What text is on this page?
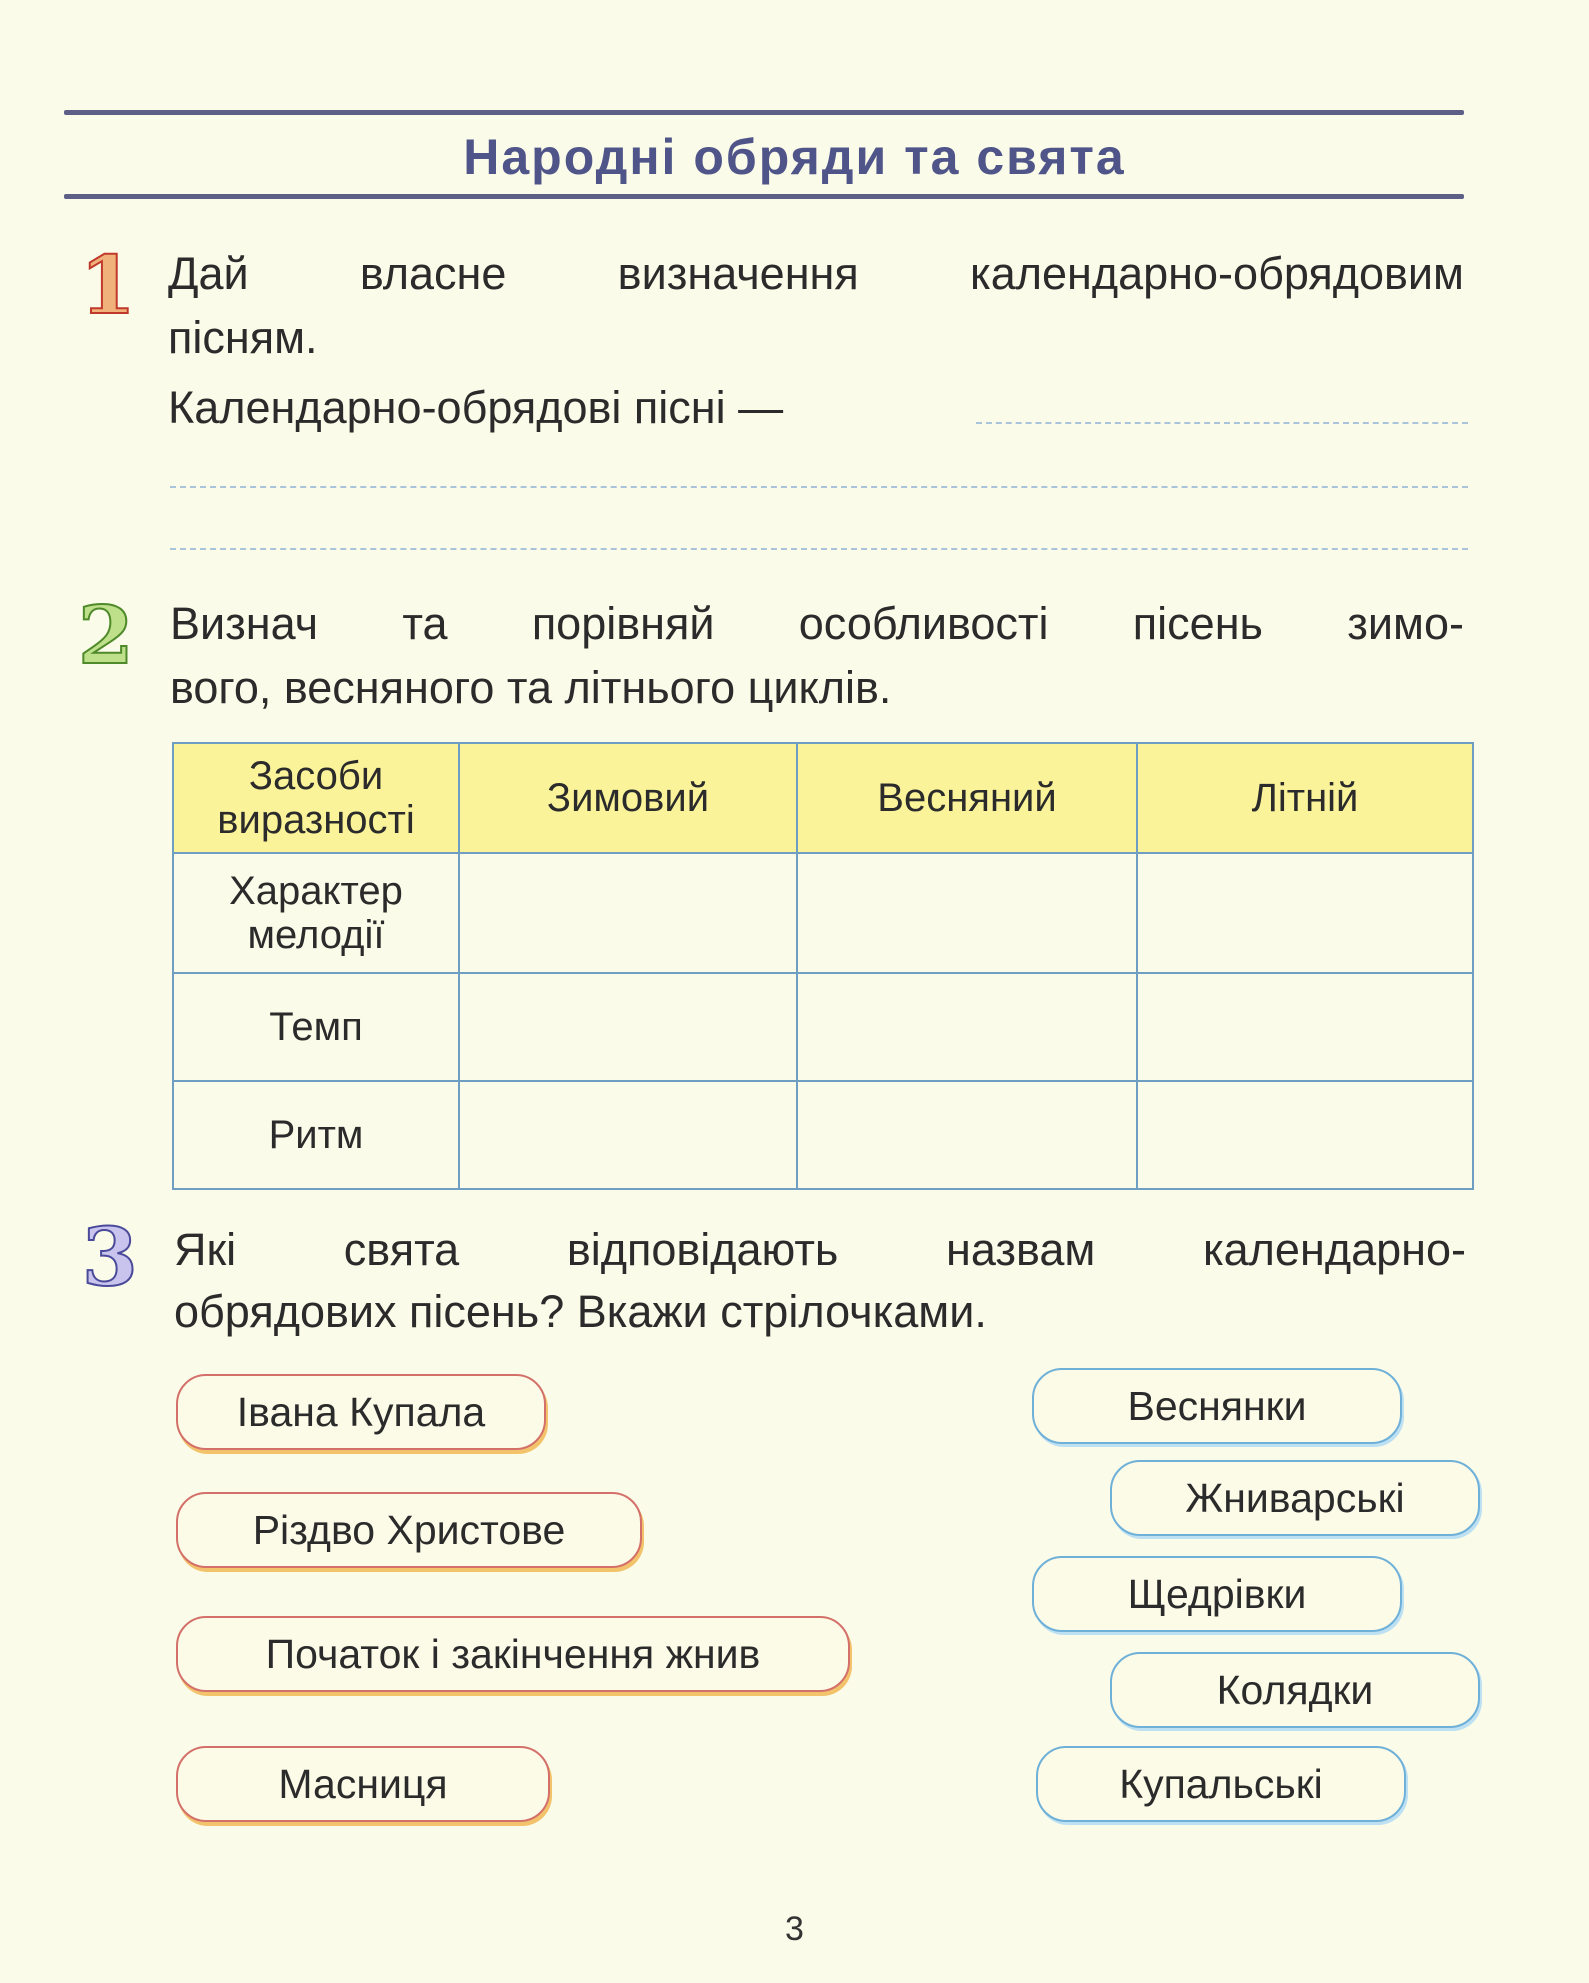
Народні обряди та свята
1 Дай власне визначення календарно-обрядовим
пісням.
Календарно-обрядові пісні —
2 Визнач та порівняй особливості пісень зимо-
вого, весняного та літнього циклів.
Засоби виразності	Зимовий	Весняний	Літній
Характер мелодії			
Темп			
Ритм			
3 Які свята відповідають назвам календарно-
обрядових пісень? Вкажи стрілочками.
Івана Купала
Різдво Христове
Початок і закінчення жнив
Масниця
Веснянки
Жниварські
Щедрівки
Колядки
Купальські
3
